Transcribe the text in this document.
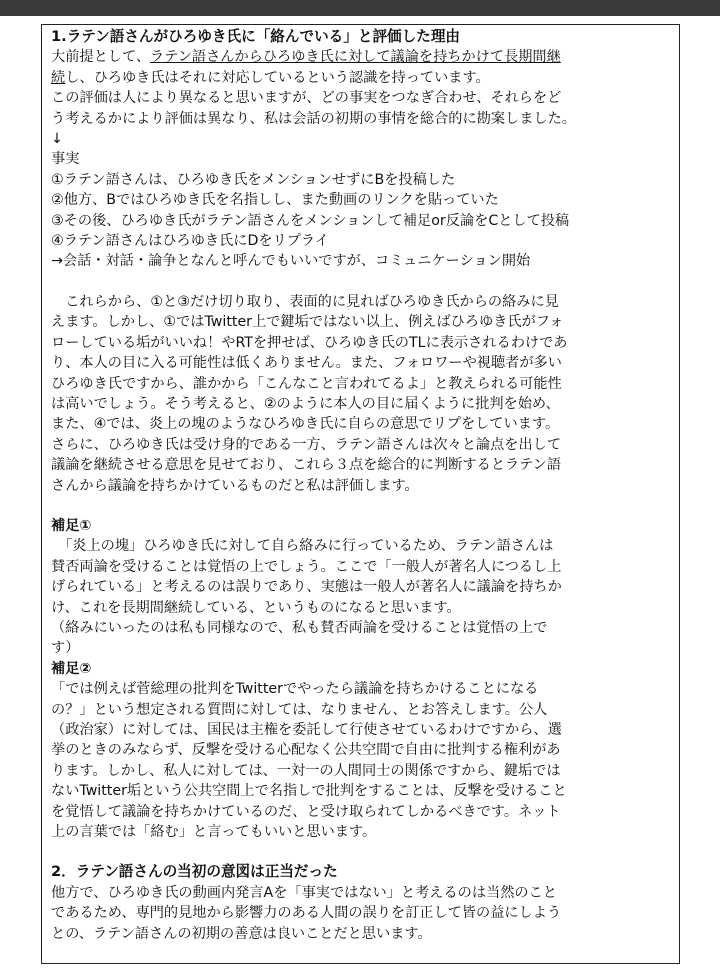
1.ラテン語さんがひろゆき氏に「絡んでいる」と評価した理由
大前提として、ラテン語さんからひろゆき氏に対して議論を持ちかけて長期間継
続し、ひろゆき氏はそれに対応しているという認識を持っています。
この評価は人により異なると思いますが、どの事実をつなぎ合わせ、それらをど
う考えるかにより評価は異なり、私は会話の初期の事情を総合的に勘案しました。
↓
事実
①ラテン語さんは、ひろゆき氏をメンションせずにBを投稿した
②他方、Bではひろゆき氏を名指しし、また動画のリンクを貼っていた
③その後、ひろゆき氏がラテン語さんをメンションして補足or反論をCとして投稿
④ラテン語さんはひろゆき氏にDをリプライ
→会話・対話・論争となんと呼んでもいいですが、コミュニケーション開始
　これらから、①と③だけ切り取り、表面的に見ればひろゆき氏からの絡みに見
えます。しかし、①ではTwitter上で鍵垢ではない以上、例えばひろゆき氏がフォ
ローしている垢がいいね！やRTを押せば、ひろゆき氏のTLに表示されるわけであ
り、本人の目に入る可能性は低くありません。また、フォロワーや視聴者が多い
ひろゆき氏ですから、誰かから「こんなこと言われてるよ」と教えられる可能性
は高いでしょう。そう考えると、②のように本人の目に届くように批判を始め、
また、④では、炎上の塊のようなひろゆき氏に自らの意思でリプをしています。
さらに、ひろゆき氏は受け身的である一方、ラテン語さんは次々と論点を出して
議論を継続させる意思を見せており、これら３点を総合的に判断するとラテン語
さんから議論を持ちかけているものだと私は評価します。
補足①
　「炎上の塊」ひろゆき氏に対して自ら絡みに行っているため、ラテン語さんは
賛否両論を受けることは覚悟の上でしょう。ここで「一般人が著名人につるし上
げられている」と考えるのは誤りであり、実態は一般人が著名人に議論を持ちか
け、これを長期間継続している、というものになると思います。
（絡みにいったのは私も同様なので、私も賛否両論を受けることは覚悟の上で
す）
補足②
「では例えば菅総理の批判をTwitterでやったら議論を持ちかけることになる
の？」という想定される質問に対しては、なりません、とお答えします。公人
（政治家）に対しては、国民は主権を委託して行使させているわけですから、選
挙のときのみならず、反撃を受ける心配なく公共空間で自由に批判する権利があ
ります。しかし、私人に対しては、一対一の人間同士の関係ですから、鍵垢では
ないTwitter垢という公共空間上で名指しで批判をすることは、反撃を受けること
を覚悟して議論を持ちかけているのだ、と受け取られてしかるべきです。ネット
上の言葉では「絡む」と言ってもいいと思います。
2．ラテン語さんの当初の意図は正当だった
他方で、ひろゆき氏の動画内発言Aを「事実ではない」と考えるのは当然のこと
であるため、専門的見地から影響力のある人間の誤りを訂正して皆の益にしよう
との、ラテン語さんの初期の善意は良いことだと思います。
